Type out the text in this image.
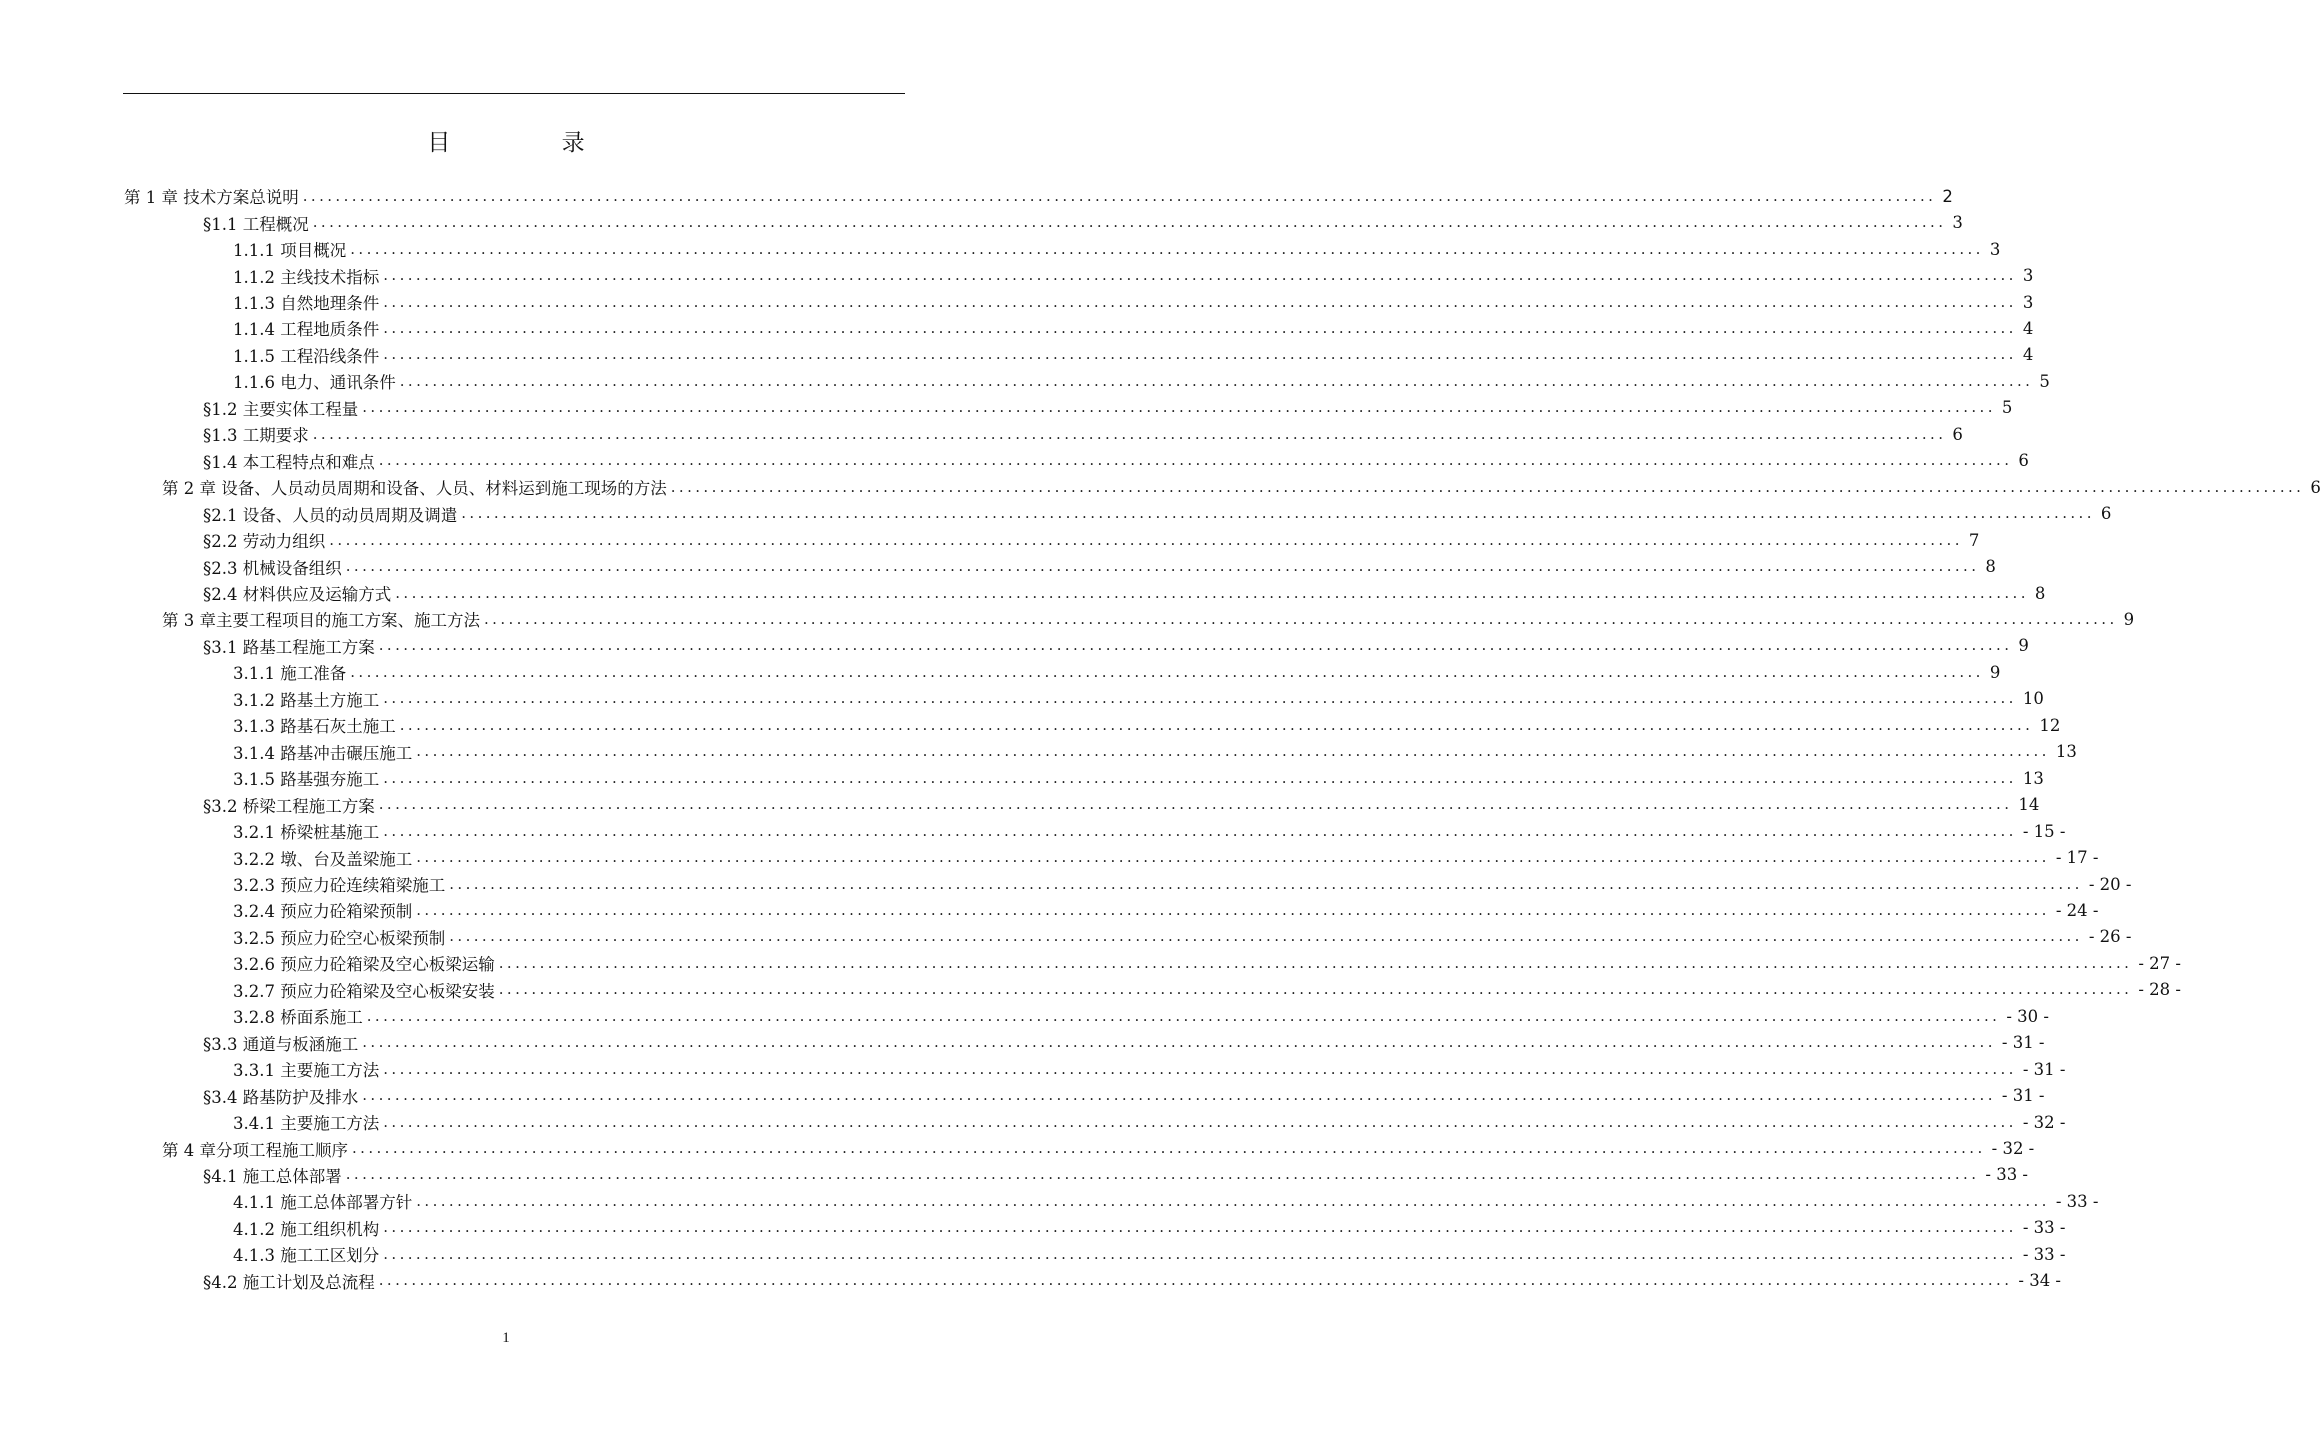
目 录
第 1 章 技术方案总说明 ........................................................................................................................................................................................................ 2
§1.1 工程概况 ........................................................................................................................................................................................................ 3
1.1.1 项目概况 ........................................................................................................................................................................................................ 3
1.1.2 主线技术指标 ........................................................................................................................................................................................................ 3
1.1.3 自然地理条件 ........................................................................................................................................................................................................ 3
1.1.4 工程地质条件 ........................................................................................................................................................................................................ 4
1.1.5 工程沿线条件 ........................................................................................................................................................................................................ 4
1.1.6 电力、通讯条件 ........................................................................................................................................................................................................ 5
§1.2 主要实体工程量 ........................................................................................................................................................................................................ 5
§1.3 工期要求 ........................................................................................................................................................................................................ 6
§1.4 本工程特点和难点 ........................................................................................................................................................................................................ 6
第 2 章 设备、人员动员周期和设备、人员、材料运到施工现场的方法 ........................................................................................................................................................................................................ 6
§2.1 设备、人员的动员周期及调遣 ........................................................................................................................................................................................................ 6
§2.2 劳动力组织 ........................................................................................................................................................................................................ 7
§2.3 机械设备组织 ........................................................................................................................................................................................................ 8
§2.4 材料供应及运输方式 ........................................................................................................................................................................................................ 8
第 3 章主要工程项目的施工方案、施工方法 ........................................................................................................................................................................................................ 9
§3.1 路基工程施工方案 ........................................................................................................................................................................................................ 9
3.1.1 施工准备 ........................................................................................................................................................................................................ 9
3.1.2 路基土方施工 ........................................................................................................................................................................................................ 10
3.1.3 路基石灰土施工 ........................................................................................................................................................................................................ 12
3.1.4 路基冲击碾压施工 ........................................................................................................................................................................................................ 13
3.1.5 路基强夯施工 ........................................................................................................................................................................................................ 13
§3.2 桥梁工程施工方案 ........................................................................................................................................................................................................ 14
3.2.1 桥梁桩基施工 ........................................................................................................................................................................................................ - 15 -
3.2.2 墩、台及盖梁施工 ........................................................................................................................................................................................................ - 17 -
3.2.3 预应力砼连续箱梁施工 ........................................................................................................................................................................................................ - 20 -
3.2.4 预应力砼箱梁预制 ........................................................................................................................................................................................................ - 24 -
3.2.5 预应力砼空心板梁预制 ........................................................................................................................................................................................................ - 26 -
3.2.6 预应力砼箱梁及空心板梁运输 ........................................................................................................................................................................................................ - 27 -
3.2.7 预应力砼箱梁及空心板梁安装 ........................................................................................................................................................................................................ - 28 -
3.2.8 桥面系施工 ........................................................................................................................................................................................................ - 30 -
§3.3 通道与板涵施工 ........................................................................................................................................................................................................ - 31 -
3.3.1 主要施工方法 ........................................................................................................................................................................................................ - 31 -
§3.4 路基防护及排水 ........................................................................................................................................................................................................ - 31 -
3.4.1 主要施工方法 ........................................................................................................................................................................................................ - 32 -
第 4 章分项工程施工顺序 ........................................................................................................................................................................................................ - 32 -
§4.1 施工总体部署 ........................................................................................................................................................................................................ - 33 -
4.1.1 施工总体部署方针 ........................................................................................................................................................................................................ - 33 -
4.1.2 施工组织机构 ........................................................................................................................................................................................................ - 33 -
4.1.3 施工工区划分 ........................................................................................................................................................................................................ - 33 -
§4.2 施工计划及总流程 ........................................................................................................................................................................................................ - 34 -
1
